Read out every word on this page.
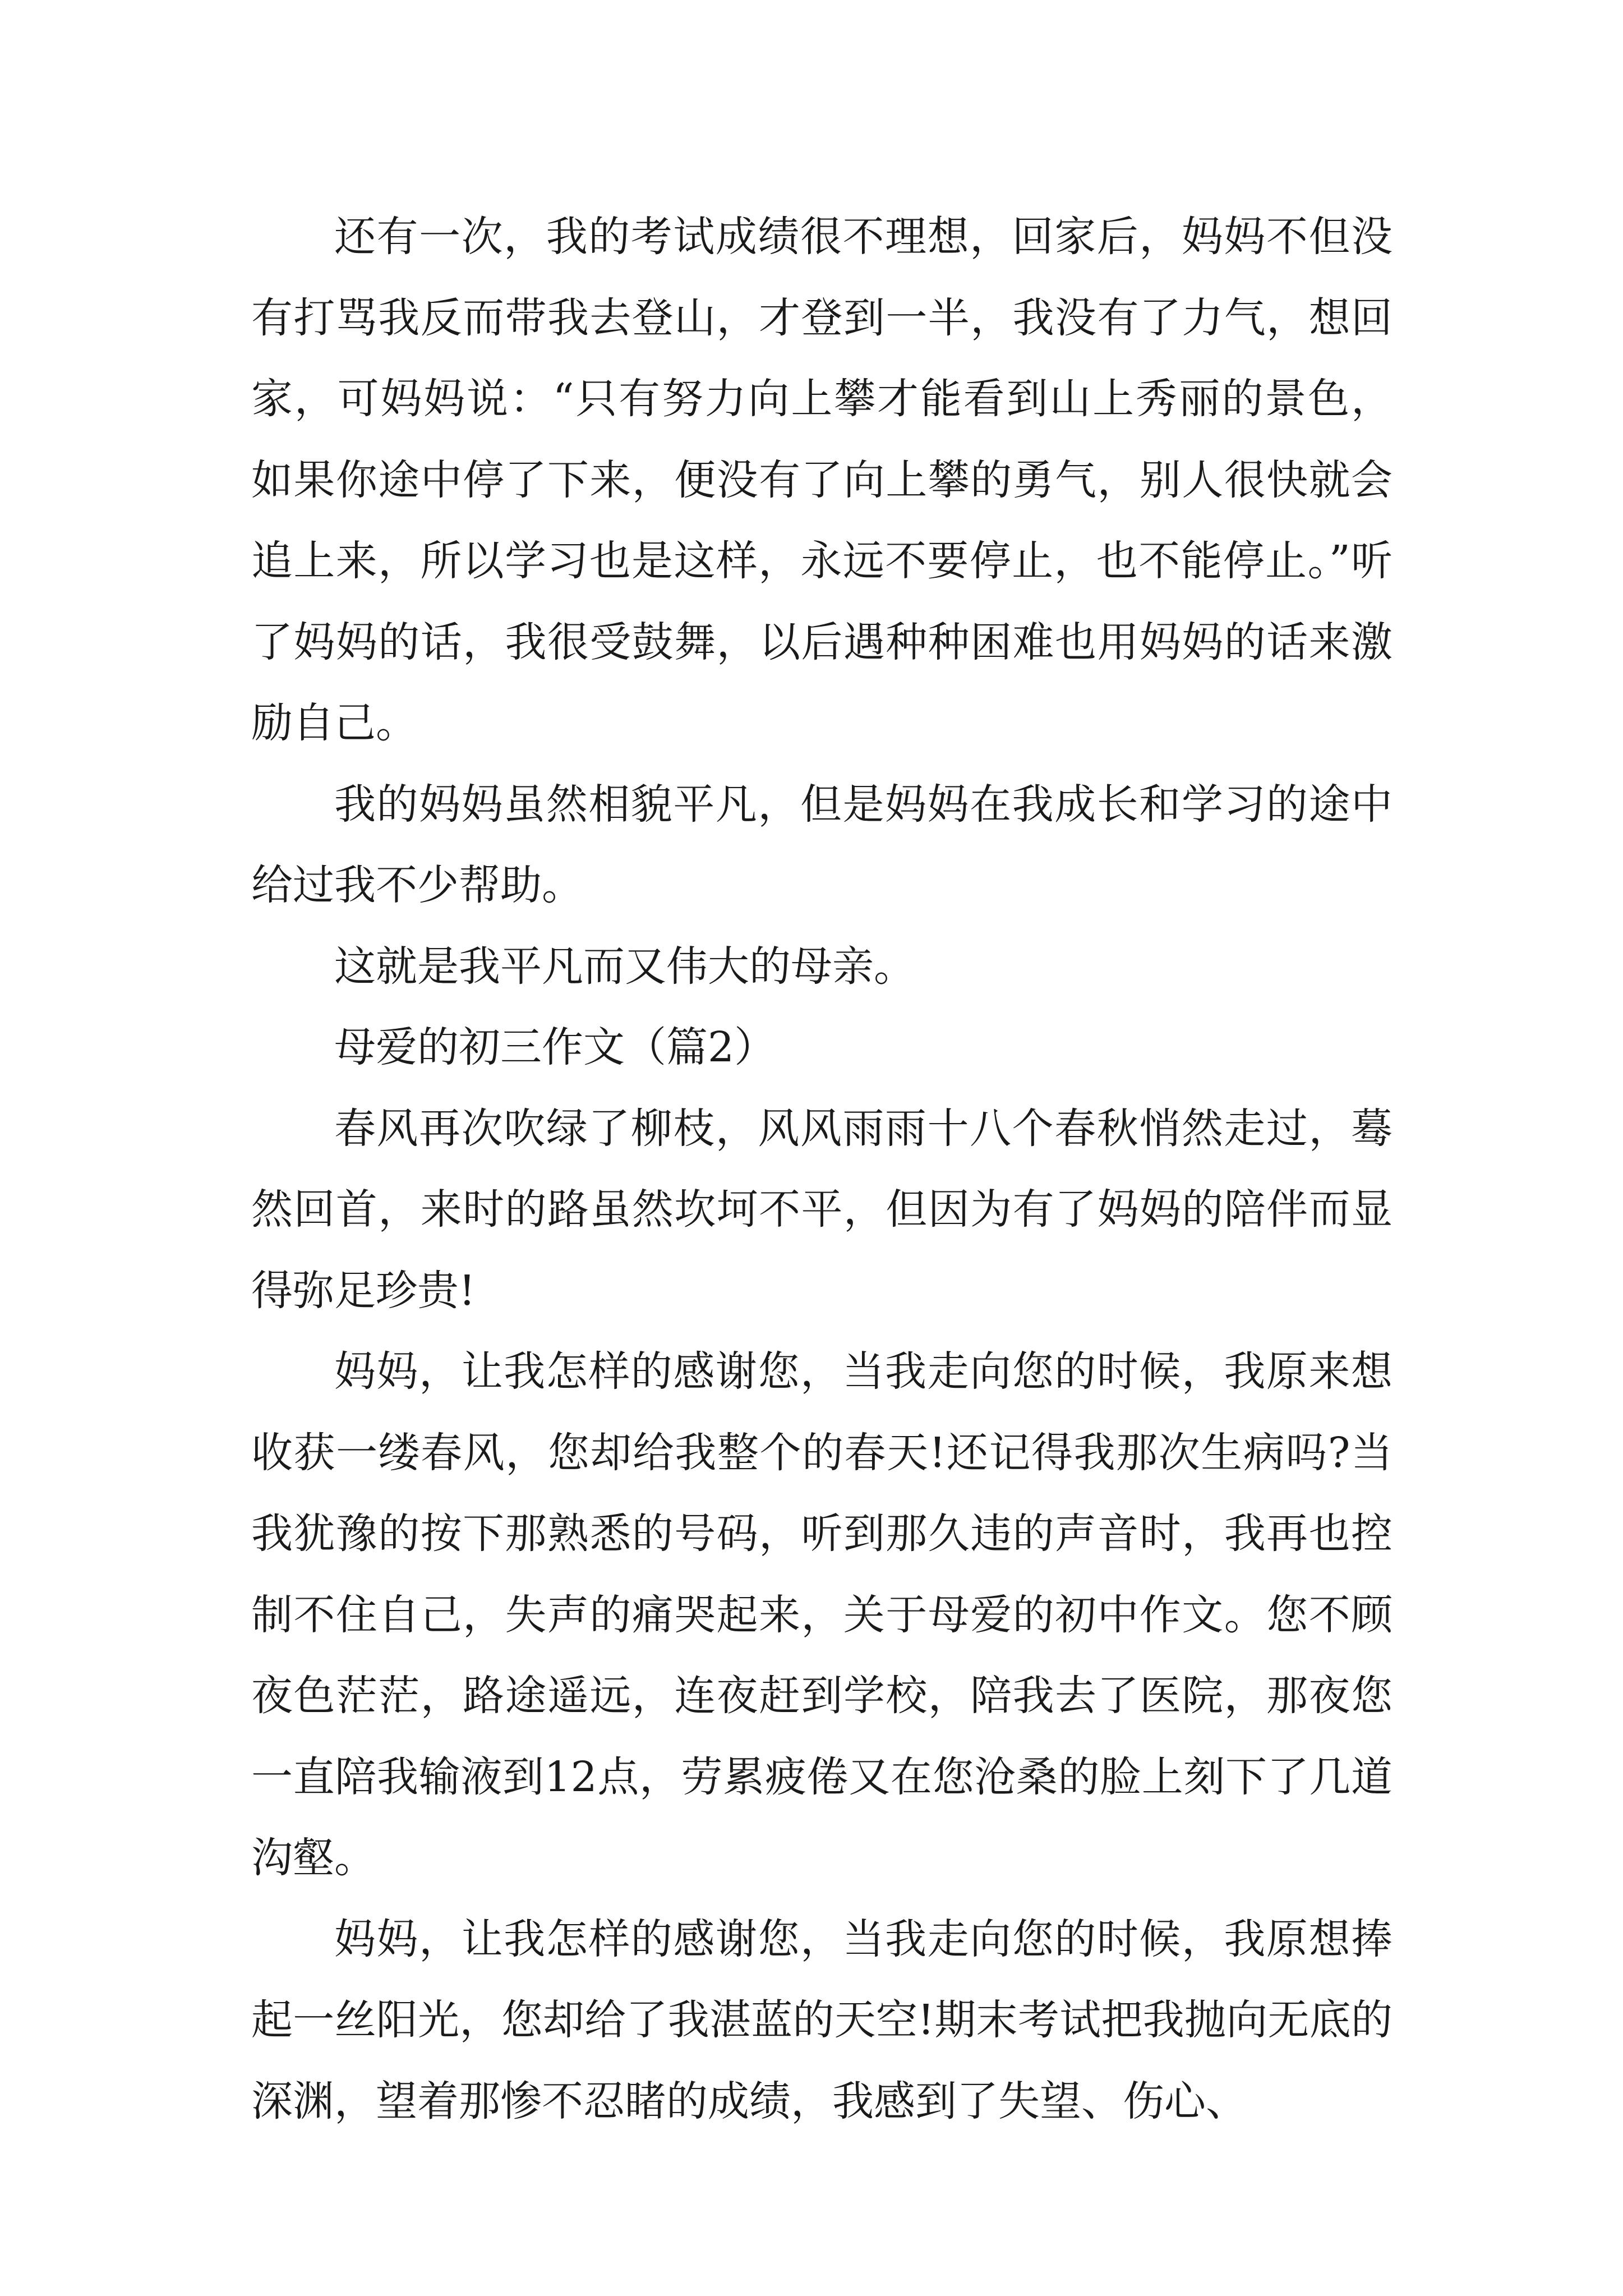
还有一次，我的考试成绩很不理想，回家后，妈妈不但没有打骂我反而带我去登山，才登到一半，我没有了力气，想回家，可妈妈说：“只有努力向上攀才能看到山上秀丽的景色，如果你途中停了下来，便没有了向上攀的勇气，别人很快就会追上来，所以学习也是这样，永远不要停止，也不能停止。”听了妈妈的话，我很受鼓舞，以后遇种种困难也用妈妈的话来激励自己。

我的妈妈虽然相貌平凡，但是妈妈在我成长和学习的途中给过我不少帮助。

这就是我平凡而又伟大的母亲。

母爱的初三作文（篇2）

春风再次吹绿了柳枝，风风雨雨十八个春秋悄然走过，蓦然回首，来时的路虽然坎坷不平，但因为有了妈妈的陪伴而显得弥足珍贵!

妈妈，让我怎样的感谢您，当我走向您的时候，我原来想收获一缕春风，您却给我整个的春天!还记得我那次生病吗?当我犹豫的按下那熟悉的号码，听到那久违的声音时，我再也控制不住自己，失声的痛哭起来，关于母爱的初中作文。您不顾夜色茫茫，路途遥远，连夜赶到学校，陪我去了医院，那夜您一直陪我输液到12点，劳累疲倦又在您沧桑的脸上刻下了几道沟壑。

妈妈，让我怎样的感谢您，当我走向您的时候，我原想捧起一丝阳光，您却给了我湛蓝的天空!期末考试把我抛向无底的深渊，望着那惨不忍睹的成绩，我感到了失望、伤心、
